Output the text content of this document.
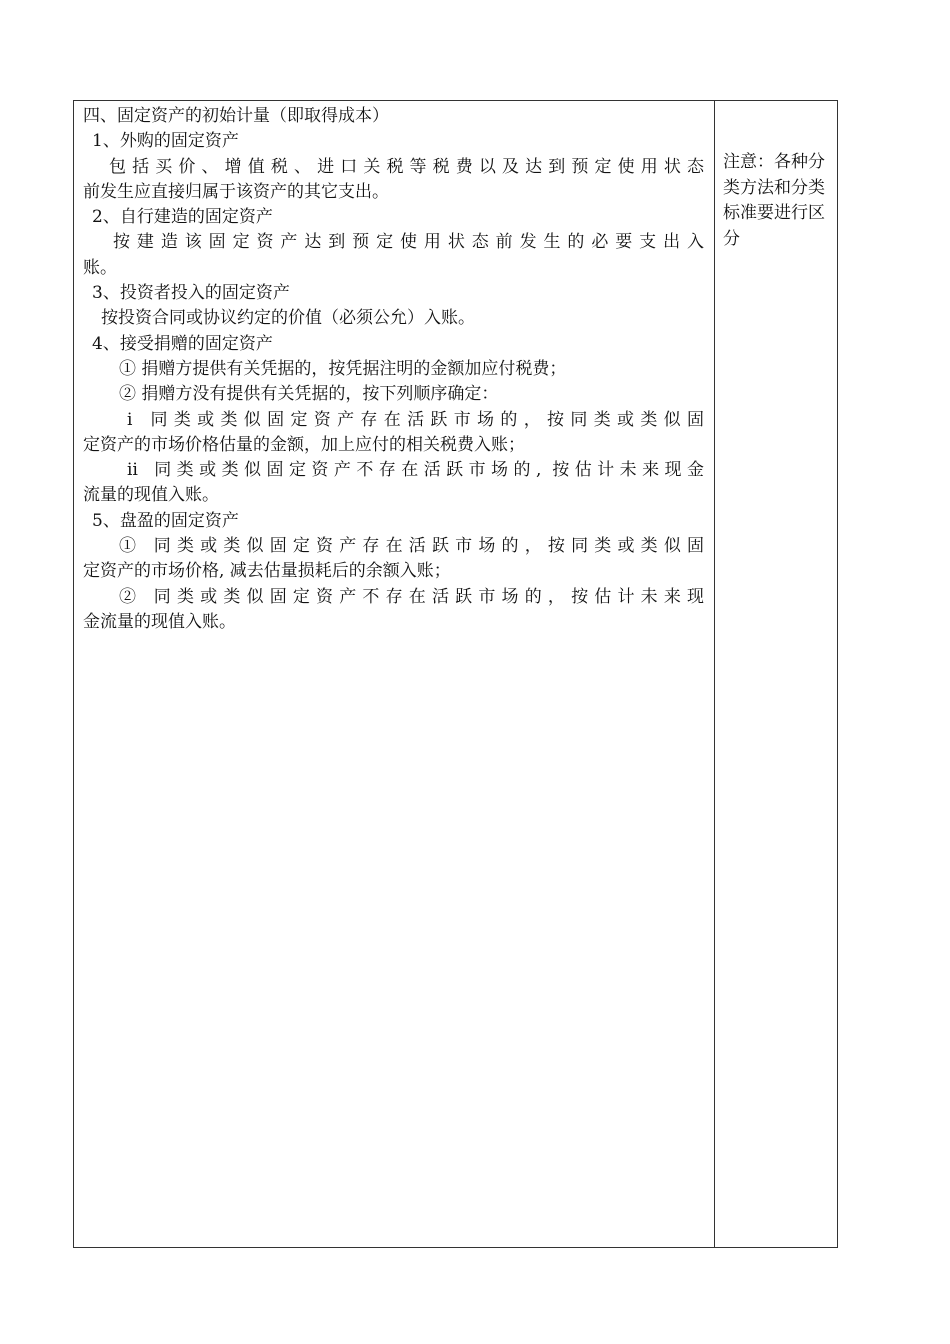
四、固定资产的初始计量（即取得成本）

1、外购的固定资产

包括买价、增值税、进口关税等税费以及达到预定使用状态

前发生应直接归属于该资产的其它支出。

2、自行建造的固定资产

按建造该固定资产达到预定使用状态前发生的必要支出入

账。

3、投资者投入的固定资产

按投资合同或协议约定的价值（必须公允）入账。

4、接受捐赠的固定资产

① 捐赠方提供有关凭据的，按凭据注明的金额加应付税费；

② 捐赠方没有提供有关凭据的，按下列顺序确定：

ⅰ 同类或类似固定资产存在活跃市场的，按同类或类似固

定资产的市场价格估量的金额，加上应付的相关税费入账；

ⅱ 同类或类似固定资产不存在活跃市场的, 按估计未来现金

流量的现值入账。

5、盘盈的固定资产

① 同类或类似固定资产存在活跃市场的，按同类或类似固

定资产的市场价格, 减去估量损耗后的余额入账；

② 同类或类似固定资产不存在活跃市场的，按估计未来现

金流量的现值入账。

注意：各种分

类方法和分类

标准要进行区

分
